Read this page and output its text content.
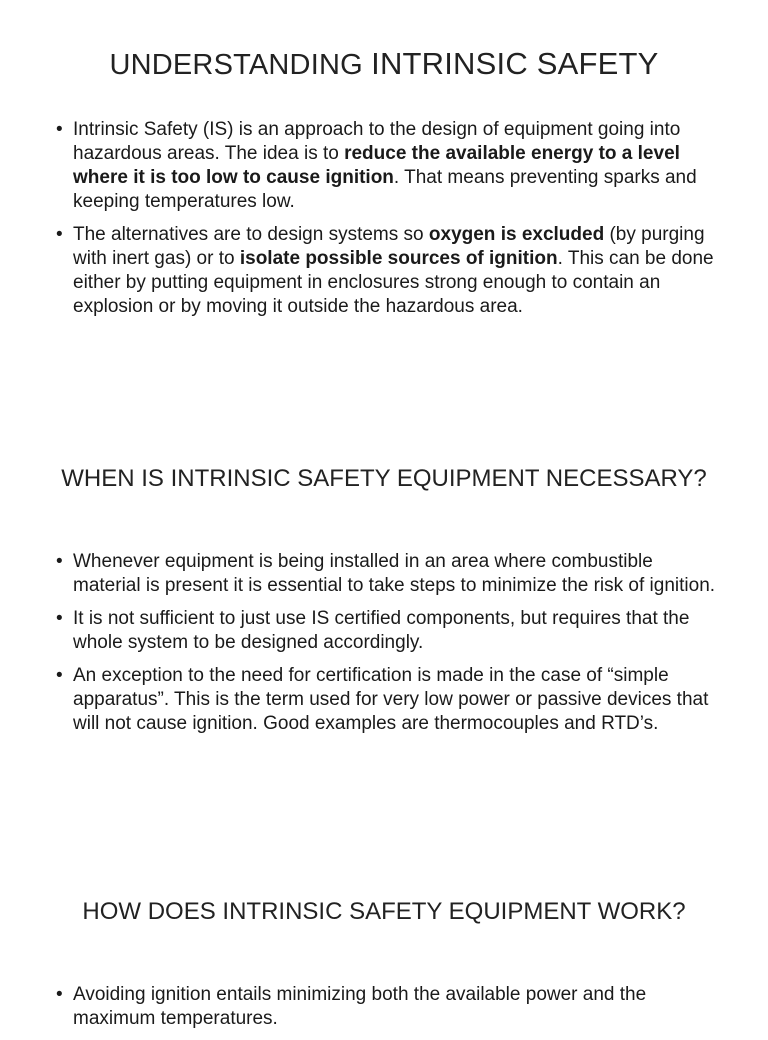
UNDERSTANDING INTRINSIC SAFETY
• Intrinsic Safety (IS) is an approach to the design of equipment going into hazardous areas. The idea is to reduce the available energy to a level where it is too low to cause ignition. That means preventing sparks and keeping temperatures low.
• The alternatives are to design systems so oxygen is excluded (by purging with inert gas) or to isolate possible sources of ignition. This can be done either by putting equipment in enclosures strong enough to contain an explosion or by moving it outside the hazardous area.
WHEN IS INTRINSIC SAFETY EQUIPMENT NECESSARY?
• Whenever equipment is being installed in an area where combustible material is present it is essential to take steps to minimize the risk of ignition.
• It is not sufficient to just use IS certified components, but requires that the whole system to be designed accordingly.
• An exception to the need for certification is made in the case of “simple apparatus”. This is the term used for very low power or passive devices that will not cause ignition. Good examples are thermocouples and RTD’s.
HOW DOES INTRINSIC SAFETY EQUIPMENT WORK?
• Avoiding ignition entails minimizing both the available power and the maximum temperatures.
